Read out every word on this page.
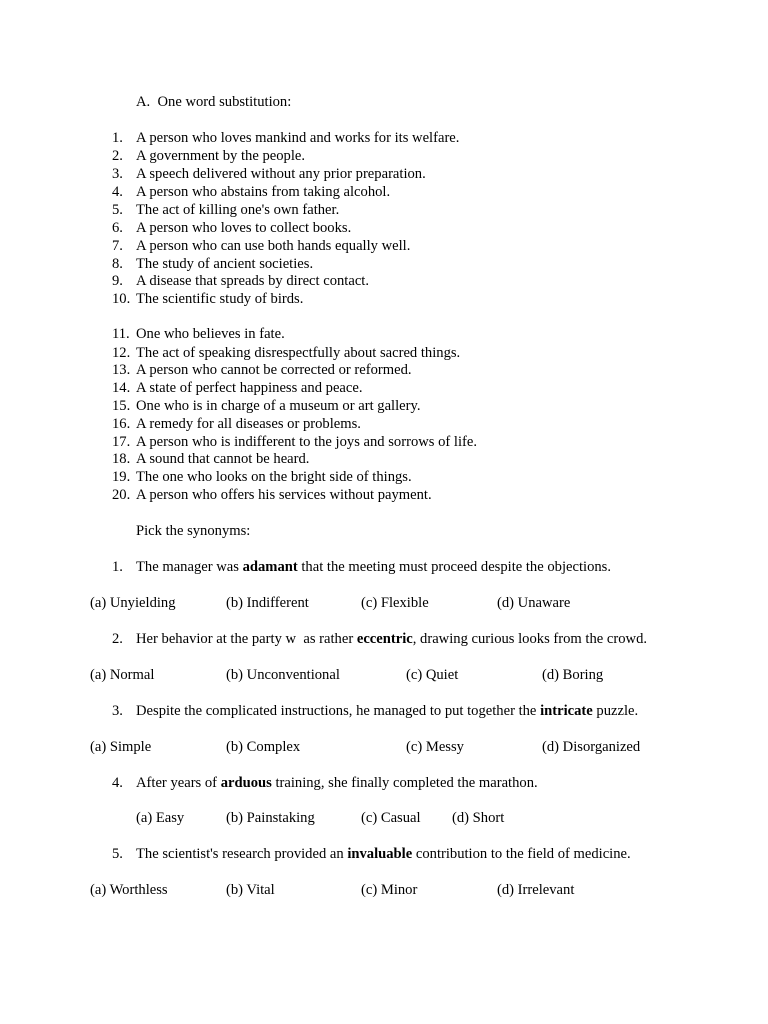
A. One word substitution:
1. A person who loves mankind and works for its welfare.
2. A government by the people.
3. A speech delivered without any prior preparation.
4. A person who abstains from taking alcohol.
5. The act of killing one's own father.
6. A person who loves to collect books.
7. A person who can use both hands equally well.
8. The study of ancient societies.
9. A disease that spreads by direct contact.
10. The scientific study of birds.
11. One who believes in fate.
12. The act of speaking disrespectfully about sacred things.
13. A person who cannot be corrected or reformed.
14. A state of perfect happiness and peace.
15. One who is in charge of a museum or art gallery.
16. A remedy for all diseases or problems.
17. A person who is indifferent to the joys and sorrows of life.
18. A sound that cannot be heard.
19. The one who looks on the bright side of things.
20. A person who offers his services without payment.
Pick the synonyms:
1. The manager was adamant that the meeting must proceed despite the objections.
(a) Unyielding	(b) Indifferent	(c) Flexible	(d) Unaware
2. Her behavior at the party w  as rather eccentric, drawing curious looks from the crowd.
(a) Normal	(b) Unconventional	(c) Quiet	(d) Boring
3. Despite the complicated instructions, he managed to put together the intricate puzzle.
(a) Simple	(b) Complex	(c) Messy	(d) Disorganized
4. After years of arduous training, she finally completed the marathon.
(a) Easy	(b) Painstaking	(c) Casual (d) Short
5. The scientist's research provided an invaluable contribution to the field of medicine.
(a) Worthless	(b) Vital	(c) Minor	(d) Irrelevant
